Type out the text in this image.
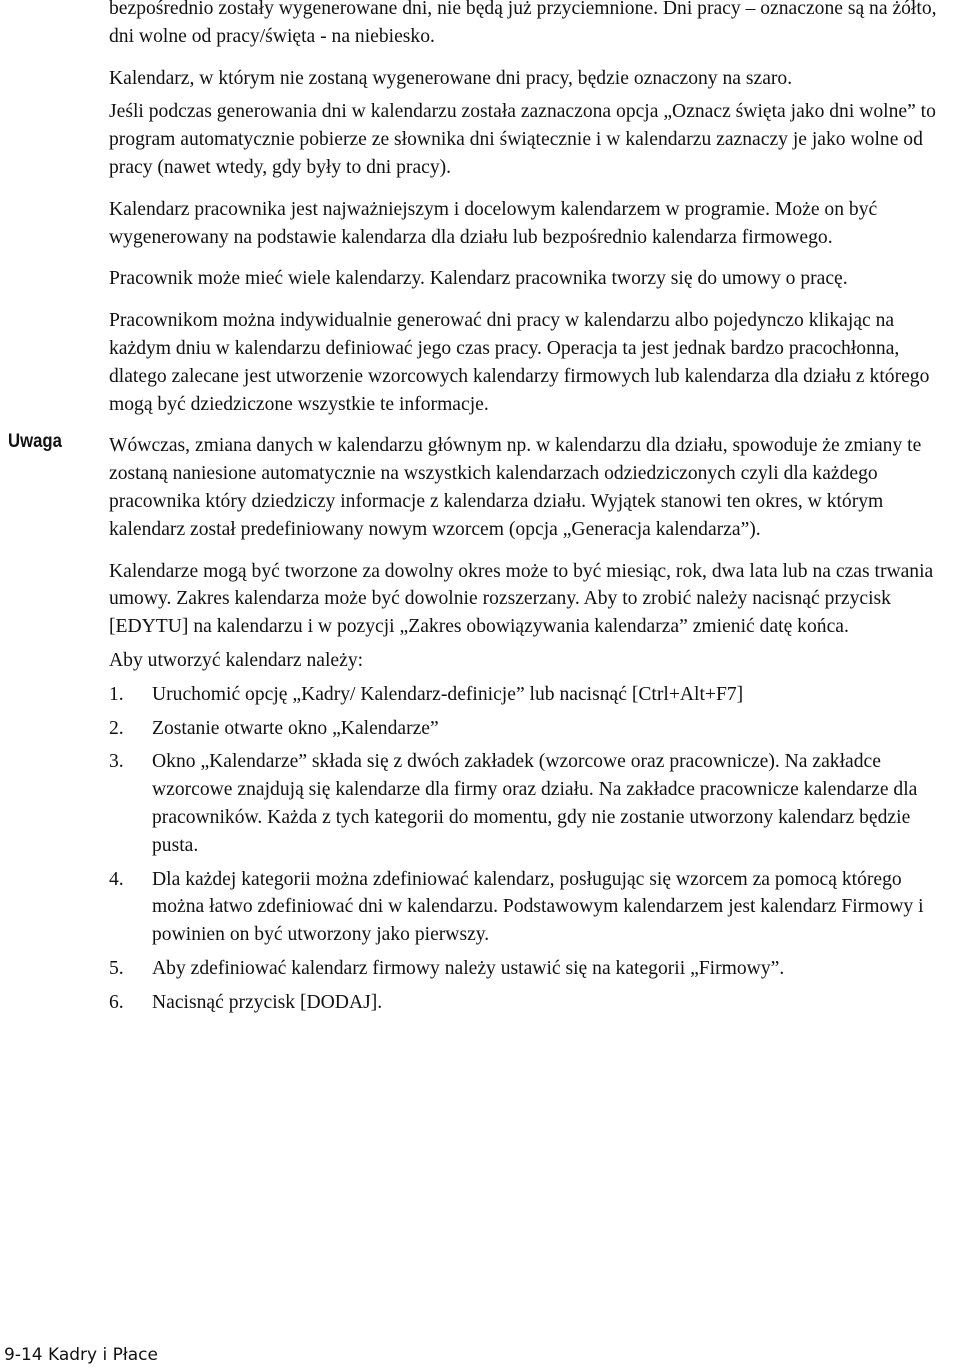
bezpośrednio zostały wygenerowane dni, nie będą już przyciemnione. Dni pracy – oznaczone są na żółto, dni wolne od pracy/święta - na niebiesko.

Kalendarz, w którym nie zostaną wygenerowane dni pracy, będzie oznaczony na szaro.

Jeśli podczas generowania dni w kalendarzu została zaznaczona opcja „Oznacz święta jako dni wolne” to program automatycznie pobierze ze słownika dni świątecznie i w kalendarzu zaznaczy je jako wolne od pracy (nawet wtedy, gdy były to dni pracy).

Kalendarz pracownika jest najważniejszym i docelowym kalendarzem w programie. Może on być wygenerowany na podstawie kalendarza dla działu lub bezpośrednio kalendarza firmowego.

Pracownik może mieć wiele kalendarzy. Kalendarz pracownika tworzy się do umowy o pracę.

Pracownikom można indywidualnie generować dni pracy w kalendarzu albo pojedynczo klikając na każdym dniu w kalendarzu definiować jego czas pracy. Operacja ta jest jednak bardzo pracochłonna, dlatego zalecane jest utworzenie wzorcowych kalendarzy firmowych lub kalendarza dla działu z którego mogą być dziedziczone wszystkie te informacje.

Wówczas, zmiana danych w kalendarzu głównym np. w kalendarzu dla działu, spowoduje że zmiany te zostaną naniesione automatycznie na wszystkich kalendarzach odziedziczonych czyli dla każdego pracownika który dziedziczy informacje z kalendarza działu. Wyjątek stanowi ten okres, w którym kalendarz został predefiniowany nowym wzorcem (opcja „Generacja kalendarza”).

Kalendarze mogą być tworzone za dowolny okres może to być miesiąc, rok, dwa lata lub na czas trwania umowy. Zakres kalendarza może być dowolnie rozszerzany. Aby to zrobić należy nacisnąć przycisk [EDYTU] na kalendarzu i w pozycji „Zakres obowiązywania kalendarza” zmienić datę końca.

Aby utworzyć kalendarz należy:

1.	Uruchomić opcję „Kadry/ Kalendarz-definicje” lub nacisnąć [Ctrl+Alt+F7]
2.	Zostanie otwarte okno „Kalendarze”
3.	Okno „Kalendarze” składa się z dwóch zakładek (wzorcowe oraz pracownicze). Na zakładce wzorcowe znajdują się kalendarze dla firmy oraz działu. Na zakładce pracownicze kalendarze dla pracowników. Każda z tych kategorii do momentu, gdy nie zostanie utworzony kalendarz będzie pusta.
4.	Dla każdej kategorii można zdefiniować kalendarz, posługując się wzorcem za pomocą którego można łatwo zdefiniować dni w kalendarzu. Podstawowym kalendarzem jest kalendarz Firmowy i powinien on być utworzony jako pierwszy.
5.	Aby zdefiniować kalendarz firmowy należy ustawić się na kategorii „Firmowy”.
6.	Nacisnąć przycisk [DODAJ].
Uwaga
9-14 Kadry i Płace
